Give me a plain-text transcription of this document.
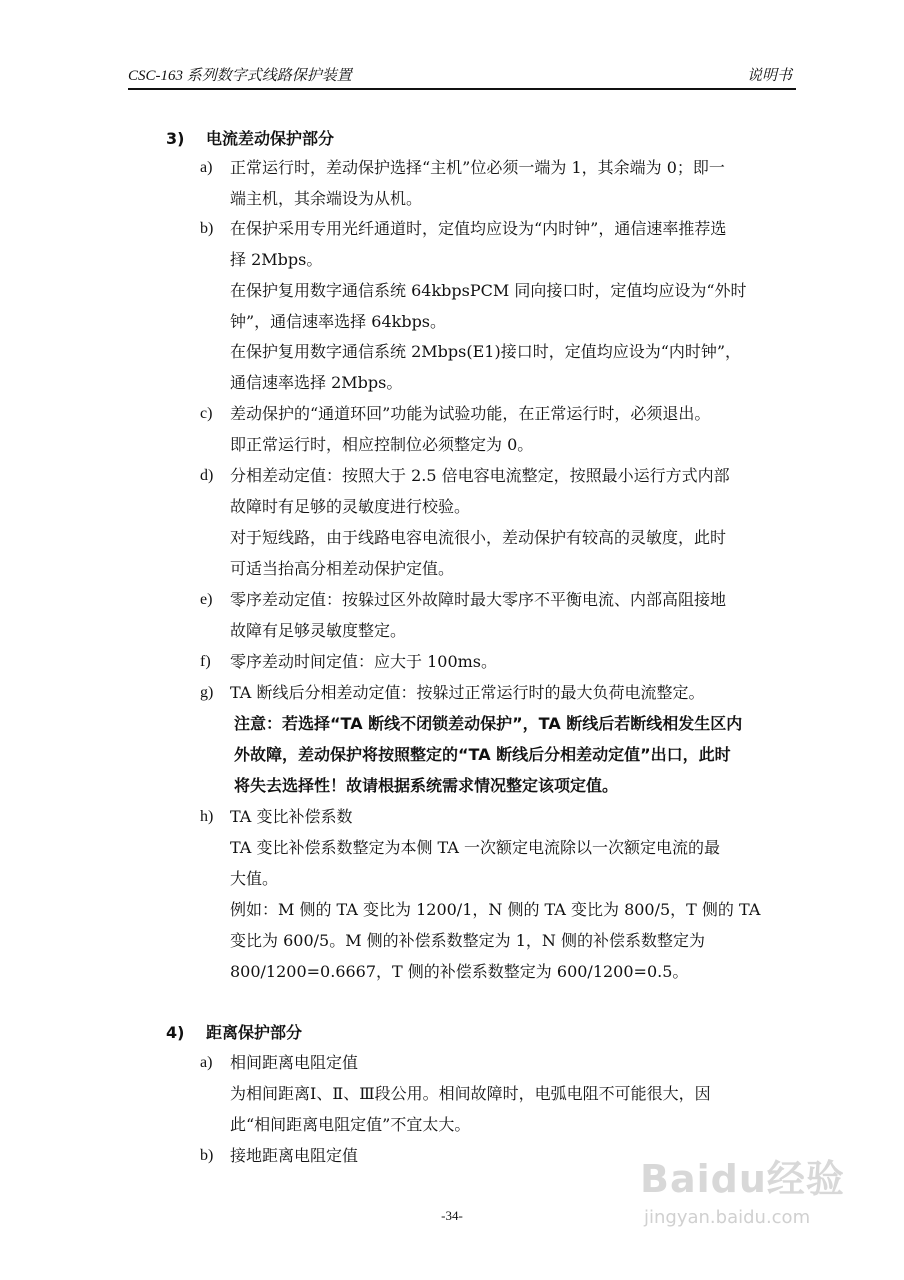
CSC-163 系列数字式线路保护装置	说明书
3) 电流差动保护部分
a) 正常运行时，差动保护选择“主机”位必须一端为 1，其余端为 0；即一
端主机，其余端设为从机。
b) 在保护采用专用光纤通道时，定值均应设为“内时钟”，通信速率推荐选
择 2Mbps。
在保护复用数字通信系统 64kbpsPCM 同向接口时，定值均应设为“外时
钟”，通信速率选择 64kbps。
在保护复用数字通信系统 2Mbps(E1)接口时，定值均应设为“内时钟”，
通信速率选择 2Mbps。
c) 差动保护的“通道环回”功能为试验功能，在正常运行时，必须退出。
即正常运行时，相应控制位必须整定为 0。
d) 分相差动定值：按照大于 2.5 倍电容电流整定，按照最小运行方式内部
故障时有足够的灵敏度进行校验。
对于短线路，由于线路电容电流很小，差动保护有较高的灵敏度，此时
可适当抬高分相差动保护定值。
e) 零序差动定值：按躲过区外故障时最大零序不平衡电流、内部高阻接地
故障有足够灵敏度整定。
f) 零序差动时间定值：应大于 100ms。
g) TA 断线后分相差动定值：按躲过正常运行时的最大负荷电流整定。
注意：若选择“TA 断线不闭锁差动保护”，TA 断线后若断线相发生区内
外故障，差动保护将按照整定的“TA 断线后分相差动定值”出口，此时
将失去选择性！故请根据系统需求情况整定该项定值。
h) TA 变比补偿系数
TA 变比补偿系数整定为本侧 TA 一次额定电流除以一次额定电流的最
大值。
例如：M 侧的 TA 变比为 1200/1，N 侧的 TA 变比为 800/5，T 侧的 TA
变比为 600/5。M 侧的补偿系数整定为 1，N 侧的补偿系数整定为
800/1200=0.6667，T 侧的补偿系数整定为 600/1200=0.5。
4) 距离保护部分
a) 相间距离电阻定值
为相间距离Ⅰ、Ⅱ、Ⅲ段公用。相间故障时，电弧电阻不可能很大，因
此“相间距离电阻定值”不宜太大。
b) 接地距离电阻定值
-34-
Baidu经验
jingyan.baidu.com
